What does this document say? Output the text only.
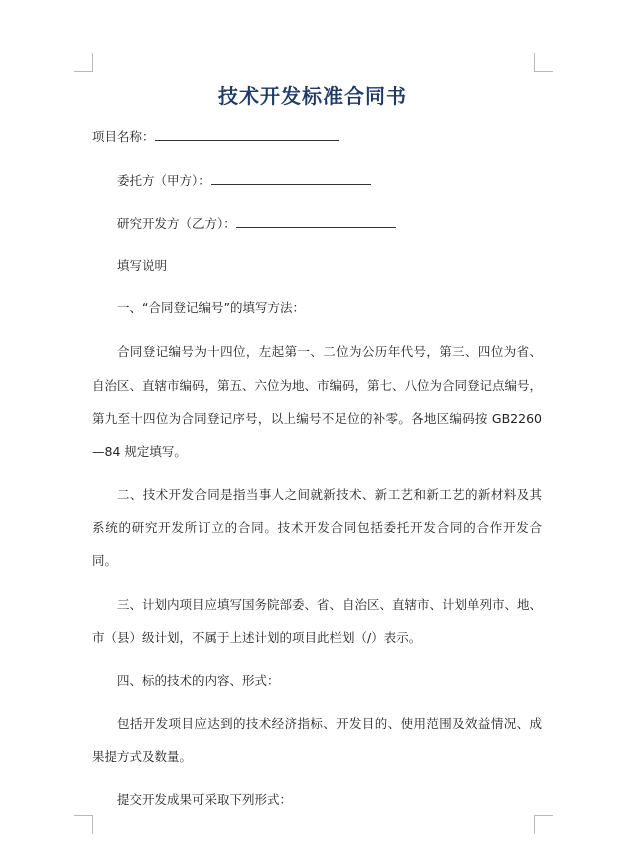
技术开发标准合同书
项目名称：
委托方（甲方）：
研究开发方（乙方）：
填写说明
一、“合同登记编号”的填写方法：
合同登记编号为十四位，左起第一、二位为公历年代号，第三、四位为省、
自治区、直辖市编码，第五、六位为地、市编码，第七、八位为合同登记点编号，
第九至十四位为合同登记序号，以上编号不足位的补零。各地区编码按 GB2260
—84 规定填写。
二、技术开发合同是指当事人之间就新技术、新工艺和新工艺的新材料及其
系统的研究开发所订立的合同。技术开发合同包括委托开发合同的合作开发合
同。
三、计划内项目应填写国务院部委、省、自治区、直辖市、计划单列市、地、
市（县）级计划，不属于上述计划的项目此栏划（/）表示。
四、标的技术的内容、形式：
包括开发项目应达到的技术经济指标、开发目的、使用范围及效益情况、成
果提方式及数量。
提交开发成果可采取下列形式：
